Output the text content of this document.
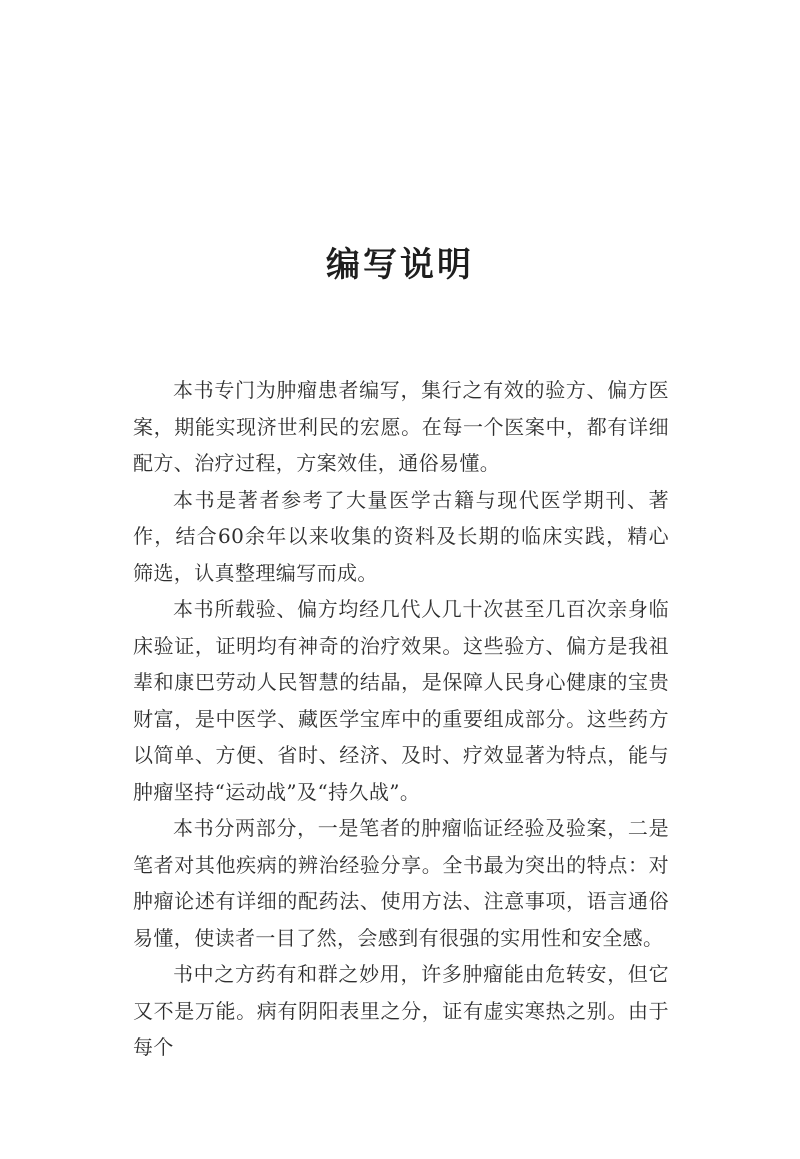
编写说明

本书专门为肿瘤患者编写，集行之有效的验方、偏方医案，期能实现济世利民的宏愿。在每一个医案中，都有详细配方、治疗过程，方案效佳，通俗易懂。

本书是著者参考了大量医学古籍与现代医学期刊、著作，结合60余年以来收集的资料及长期的临床实践，精心筛选，认真整理编写而成。

本书所载验、偏方均经几代人几十次甚至几百次亲身临床验证，证明均有神奇的治疗效果。这些验方、偏方是我祖辈和康巴劳动人民智慧的结晶，是保障人民身心健康的宝贵财富，是中医学、藏医学宝库中的重要组成部分。这些药方以简单、方便、省时、经济、及时、疗效显著为特点，能与肿瘤坚持“运动战”及“持久战”。

本书分两部分，一是笔者的肿瘤临证经验及验案，二是笔者对其他疾病的辨治经验分享。全书最为突出的特点：对肿瘤论述有详细的配药法、使用方法、注意事项，语言通俗易懂，使读者一目了然，会感到有很强的实用性和安全感。

书中之方药有和群之妙用，许多肿瘤能由危转安，但它又不是万能。病有阴阳表里之分，证有虚实寒热之别。由于每个
